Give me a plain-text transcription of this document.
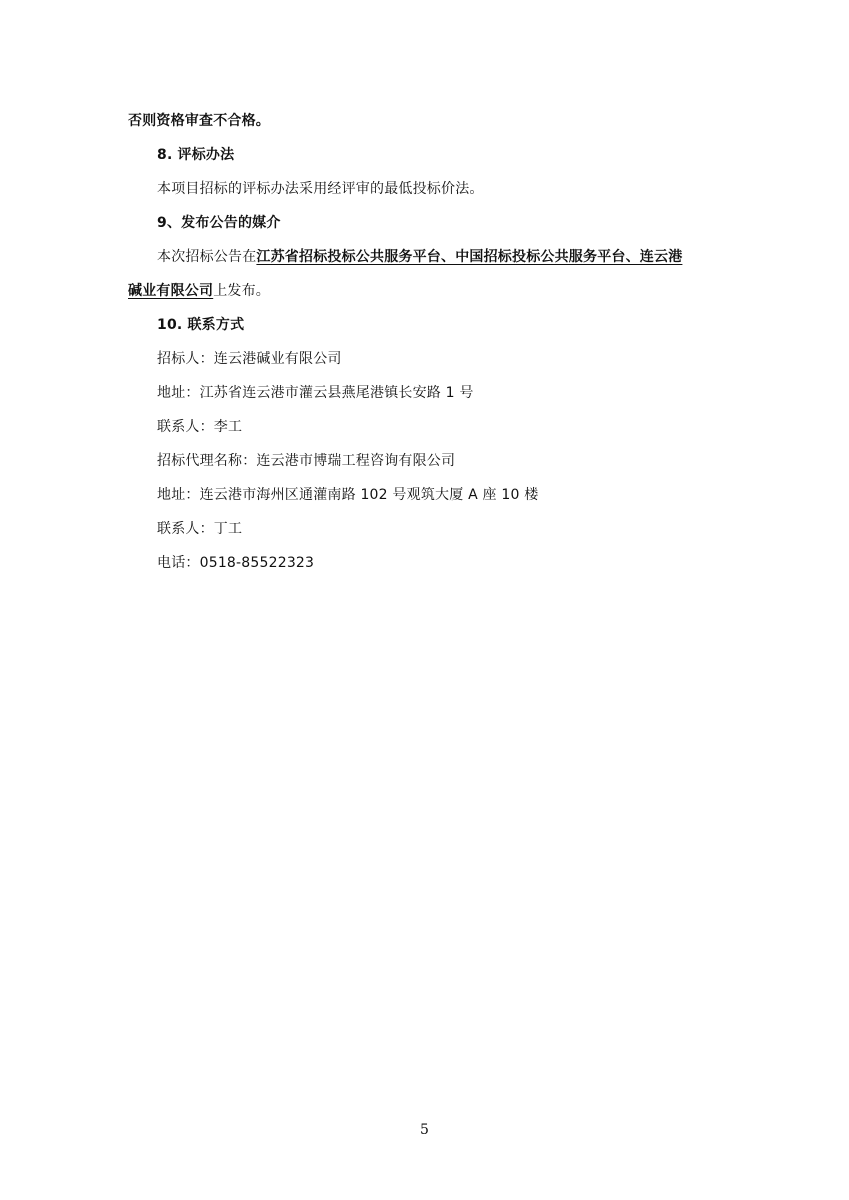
否则资格审查不合格。
8. 评标办法
本项目招标的评标办法采用经评审的最低投标价法。
9、发布公告的媒介
本次招标公告在江苏省招标投标公共服务平台、中国招标投标公共服务平台、连云港
碱业有限公司上发布。
10. 联系方式
招标人：连云港碱业有限公司
地址：江苏省连云港市灌云县燕尾港镇长安路 1 号
联系人：李工
招标代理名称：连云港市博瑞工程咨询有限公司
地址：连云港市海州区通灌南路 102 号观筑大厦 A 座 10 楼
联系人：丁工
电话：0518-85522323
5
